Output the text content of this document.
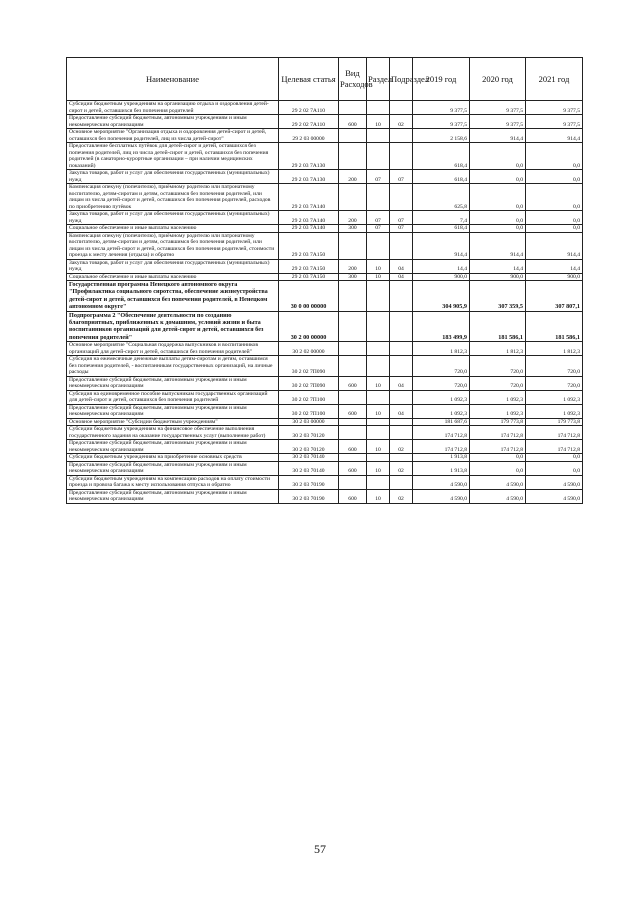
Наименование	Целевая статья	Вид Расходов	Раздел	Подраздел	2019 год	2020 год	2021 год
Субсидии бюджетным учреждениям на организацию отдыха и оздоровления детей-сирот и детей, оставшихся без попечения родителей	29 2 02 7А110				9 377,5	9 377,5	9 377,5
Предоставление субсидий бюджетным, автономным учреждениям и иным некоммерческим организациям	29 2 02 7А110	600	10	02	9 377,5	9 377,5	9 377,5
Основное мероприятие "Организация отдыха и оздоровления детей-сирот и детей, оставшихся без попечения родителей, лиц из числа детей-сирот"	29 2 03 00000				2 158,6	914,4	914,4
Предоставление бесплатных путёвок для детей-сирот и детей, оставшихся без попечения родителей, лиц из числа детей-сирот и детей, оставшихся без попечения родителей (в санаторно-курортные организации – при наличии медицинских показаний)	29 2 03 7А130				618,4	0,0	0,0
Закупка товаров, работ и услуг для обеспечения государственных (муниципальных) нужд	29 2 03 7А130	200	07	07	618,4	0,0	0,0
Компенсация опекуну (попечителю), приёмному родителю или патронатному воспитателю, детям-сиротам и детям, оставшимся без попечения родителей, или лицам из числа детей-сирот и детей, оставшихся без попечения родителей, расходов по приобретению путёвок	29 2 03 7А140				625,8	0,0	0,0
Закупка товаров, работ и услуг для обеспечения государственных (муниципальных) нужд	29 2 03 7А140	200	07	07	7,4	0,0	0,0
Социальное обеспечение и иные выплаты населению	29 2 03 7А140	300	07	07	618,4	0,0	0,0
Компенсация опекуну (попечителю), приёмному родителю или патронатному воспитателю, детям-сиротам и детям, оставшимся без попечения родителей, или лицам из числа детей-сирот и детей, оставшихся без попечения родителей, стоимости проезда к месту лечения (отдыха) и обратно	29 2 03 7А150				914,4	914,4	914,4
Закупка товаров, работ и услуг для обеспечения государственных (муниципальных) нужд	29 2 03 7А150	200	10	04	14,4	14,4	14,4
Социальное обеспечение и иные выплаты населению	29 2 03 7А150	300	10	04	900,0	900,0	900,0
Государственная программа Ненецкого автономного округа "Профилактика социального сиротства, обеспечение жизнеустройства детей-сирот и детей, оставшихся без попечения родителей, в Ненецком автономном округе"	30 0 00 00000				304 905,9	307 359,5	307 807,1
Подпрограмма 2 "Обеспечение деятельности по созданию благоприятных, приближенных к домашним, условий жизни и быта воспитанников организаций для детей-сирот и детей, оставшихся без попечения родителей"	30 2 00 00000				183 499,9	181 586,1	181 586,1
Основное мероприятие "Социальная поддержка выпускников и воспитанников организаций для детей-сирот и детей, оставшихся без попечения родителей"	30 2 02 00000				1 812,3	1 812,3	1 812,3
Субсидия на ежемесячные денежные выплаты детям-сиротам и детям, оставшимся без попечения родителей, - воспитанникам государственных организаций, на личные расходы	30 2 02 7П090				720,0	720,0	720,0
Предоставление субсидий бюджетным, автономным учреждениям и иным некоммерческим организациям	30 2 02 7П090	600	10	04	720,0	720,0	720,0
Субсидия на единовременное пособие выпускникам государственных организаций для детей-сирот и детей, оставшихся без попечения родителей	30 2 02 7П100				1 092,3	1 092,3	1 092,3
Предоставление субсидий бюджетным, автономным учреждениям и иным некоммерческим организациям	30 2 02 7П100	600	10	04	1 092,3	1 092,3	1 092,3
Основное мероприятие "Субсидии бюджетным учреждениям"	30 2 03 00000				181 687,6	179 773,8	179 773,8
Субсидии бюджетным учреждениям на финансовое обеспечение выполнения государственного задания на оказание государственных услуг (выполнение работ)	30 2 03 70120				174 712,8	174 712,8	174 712,8
Предоставление субсидий бюджетным, автономным учреждениям и иным некоммерческим организациям	30 2 03 70120	600	10	02	174 712,8	174 712,8	174 712,8
Субсидии бюджетным учреждениям на приобретение основных средств	30 2 03 70140				1 913,8	0,0	0,0
Предоставление субсидий бюджетным, автономным учреждениям и иным некоммерческим организациям	30 2 03 70140	600	10	02	1 913,8	0,0	0,0
Субсидии бюджетным учреждениям на компенсацию расходов на оплату стоимости проезда и провоза багажа к месту использования отпуска и обратно	30 2 03 70190				4 590,0	4 590,0	4 590,0
Предоставление субсидий бюджетным, автономным учреждениям и иным некоммерческим организациям	30 2 03 70190	600	10	02	4 590,0	4 590,0	4 590,0
57
